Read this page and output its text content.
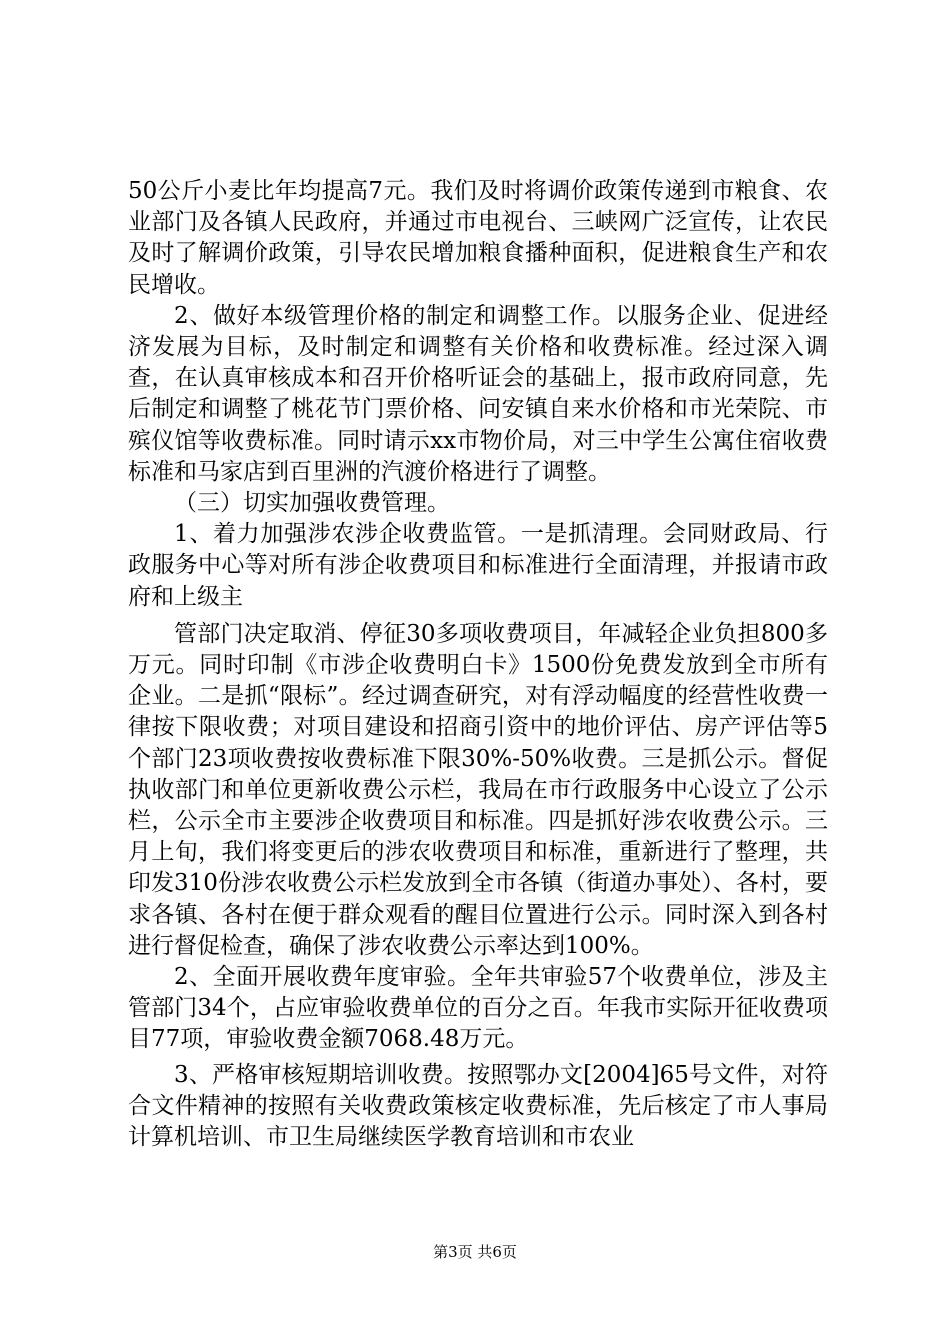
50公斤小麦比年均提高7元。我们及时将调价政策传递到市粮食、农业部门及各镇人民政府，并通过市电视台、三峡网广泛宣传，让农民及时了解调价政策，引导农民增加粮食播种面积，促进粮食生产和农民增收。

2、做好本级管理价格的制定和调整工作。以服务企业、促进经济发展为目标，及时制定和调整有关价格和收费标准。经过深入调查，在认真审核成本和召开价格听证会的基础上，报市政府同意，先后制定和调整了桃花节门票价格、问安镇自来水价格和市光荣院、市殡仪馆等收费标准。同时请示xx市物价局，对三中学生公寓住宿收费标准和马家店到百里洲的汽渡价格进行了调整。

（三）切实加强收费管理。

1、着力加强涉农涉企收费监管。一是抓清理。会同财政局、行政服务中心等对所有涉企收费项目和标准进行全面清理，并报请市政府和上级主

管部门决定取消、停征30多项收费项目，年减轻企业负担800多万元。同时印制《市涉企收费明白卡》1500份免费发放到全市所有企业。二是抓“限标”。经过调查研究，对有浮动幅度的经营性收费一律按下限收费；对项目建设和招商引资中的地价评估、房产评估等5个部门23项收费按收费标准下限30%-50%收费。三是抓公示。督促执收部门和单位更新收费公示栏，我局在市行政服务中心设立了公示栏，公示全市主要涉企收费项目和标准。四是抓好涉农收费公示。三月上旬，我们将变更后的涉农收费项目和标准，重新进行了整理，共印发310份涉农收费公示栏发放到全市各镇（街道办事处）、各村，要求各镇、各村在便于群众观看的醒目位置进行公示。同时深入到各村进行督促检查，确保了涉农收费公示率达到100%。

2、全面开展收费年度审验。全年共审验57个收费单位，涉及主管部门34个，占应审验收费单位的百分之百。年我市实际开征收费项目77项，审验收费金额7068.48万元。

3、严格审核短期培训收费。按照鄂办文[2004]65号文件，对符合文件精神的按照有关收费政策核定收费标准，先后核定了市人事局计算机培训、市卫生局继续医学教育培训和市农业

第3页 共6页
